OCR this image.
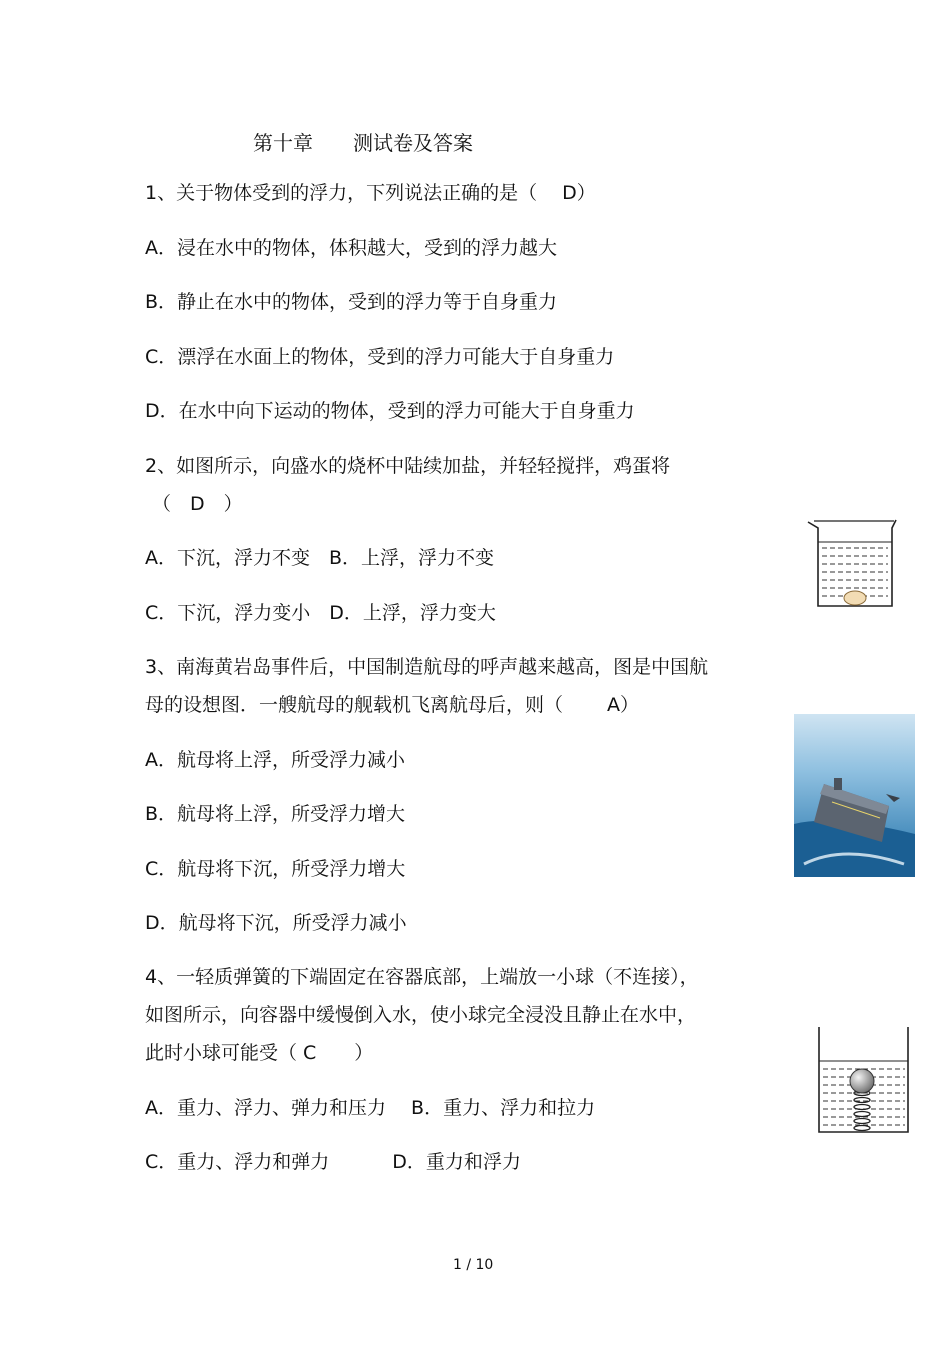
第十章　　测试卷及答案
1、关于物体受到的浮力，下列说法正确的是（　 D）
A．浸在水中的物体，体积越大，受到的浮力越大
B．静止在水中的物体，受到的浮力等于自身重力
C．漂浮在水面上的物体，受到的浮力可能大于自身重力
D．在水中向下运动的物体，受到的浮力可能大于自身重力
2、如图所示，向盛水的烧杯中陆续加盐，并轻轻搅拌，鸡蛋将
（　D　）
A．下沉，浮力不变　B．上浮，浮力不变
C．下沉，浮力变小　D．上浮，浮力变大
3、南海黄岩岛事件后，中国制造航母的呼声越来越高，图是中国航
母的设想图．一艘航母的舰载机飞离航母后，则（　　 A）
A．航母将上浮，所受浮力减小
B．航母将上浮，所受浮力增大
C．航母将下沉，所受浮力增大
D．航母将下沉，所受浮力减小
4、一轻质弹簧的下端固定在容器底部，上端放一小球（不连接），
如图所示，向容器中缓慢倒入水，使小球完全浸没且静止在水中，
此时小球可能受（ C　　）
A．重力、浮力、弹力和压力　 B．重力、浮力和拉力
C．重力、浮力和弹力　　　 D．重力和浮力
1 / 10
